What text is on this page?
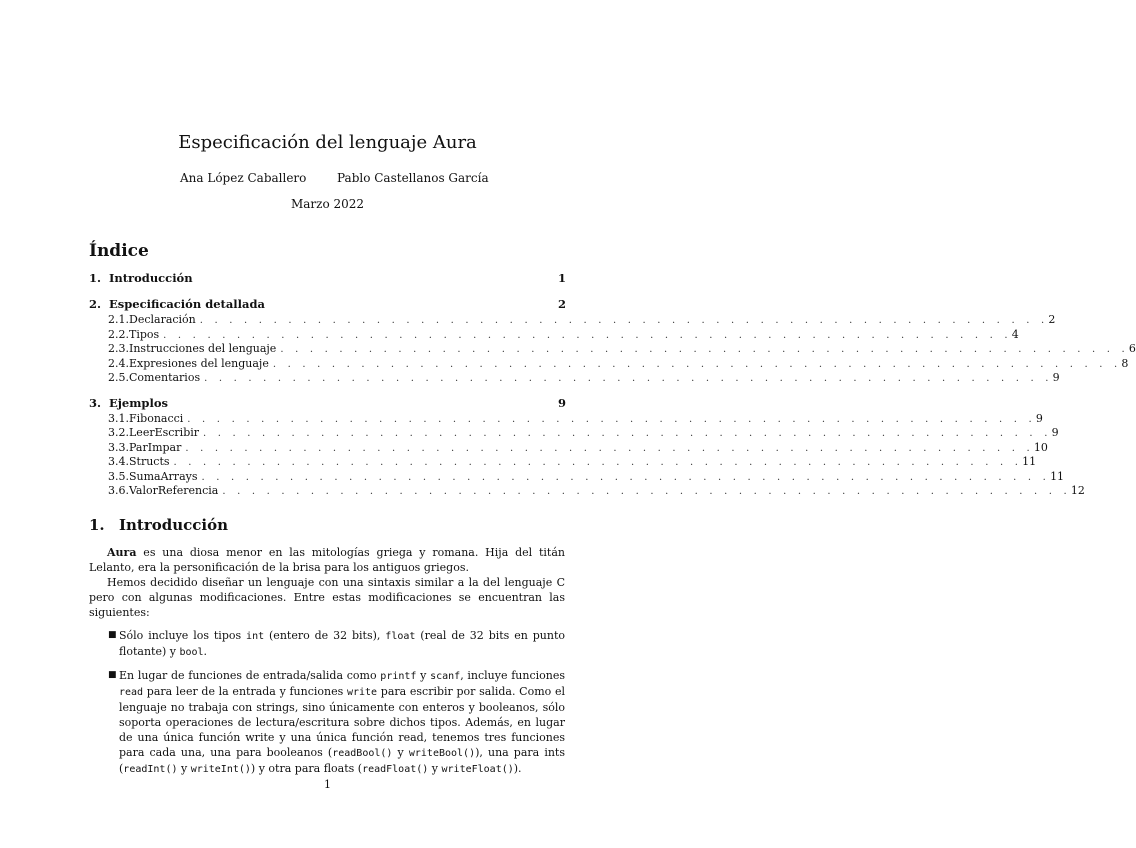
Especificación del lenguaje Aura
Ana López Caballero	Pablo Castellanos García
Marzo 2022
Índice
1. Introducción	1
2. Especificación detallada	2
2.1. Declaración . . . . . . . . . . . . . . . . . . . . . . . . . . . . . . . . . . . . . . . . . . . . . . . . . . . . . . . . . . 2
2.2. Tipos . . . . . . . . . . . . . . . . . . . . . . . . . . . . . . . . . . . . . . . . . . . . . . . . . . . . . . . . . . 4
2.3. Instrucciones del lenguaje . . . . . . . . . . . . . . . . . . . . . . . . . . . . . . . . . . . . . . . . . . . . . . . . . . . . . . . . . . 6
2.4. Expresiones del lenguaje . . . . . . . . . . . . . . . . . . . . . . . . . . . . . . . . . . . . . . . . . . . . . . . . . . . . . . . . . . 8
2.5. Comentarios . . . . . . . . . . . . . . . . . . . . . . . . . . . . . . . . . . . . . . . . . . . . . . . . . . . . . . . . . . 9
3. Ejemplos	9
3.1. Fibonacci . . . . . . . . . . . . . . . . . . . . . . . . . . . . . . . . . . . . . . . . . . . . . . . . . . . . . . . . . . 9
3.2. LeerEscribir . . . . . . . . . . . . . . . . . . . . . . . . . . . . . . . . . . . . . . . . . . . . . . . . . . . . . . . . . . 9
3.3. ParImpar . . . . . . . . . . . . . . . . . . . . . . . . . . . . . . . . . . . . . . . . . . . . . . . . . . . . . . . . . . 10
3.4. Structs . . . . . . . . . . . . . . . . . . . . . . . . . . . . . . . . . . . . . . . . . . . . . . . . . . . . . . . . . . 11
3.5. SumaArrays . . . . . . . . . . . . . . . . . . . . . . . . . . . . . . . . . . . . . . . . . . . . . . . . . . . . . . . . . . 11
3.6. ValorReferencia . . . . . . . . . . . . . . . . . . . . . . . . . . . . . . . . . . . . . . . . . . . . . . . . . . . . . . . . . . 12
1. Introducción

Aura es una diosa menor en las mitologías griega y romana. Hija del titán Lelanto, era la personificación de la brisa para los antiguos griegos.

Hemos decidido diseñar un lenguaje con una sintaxis similar a la del lenguaje C pero con algunas modificaciones. Entre estas modificaciones se encuentran las siguientes:

■ Sólo incluye los tipos int (entero de 32 bits), float (real de 32 bits en punto flotante) y bool.
■ En lugar de funciones de entrada/salida como printf y scanf, incluye funciones read para leer de la entrada y funciones write para escribir por salida. Como el lenguaje no trabaja con strings, sino únicamente con enteros y booleanos, sólo soporta operaciones de lectura/escritura sobre dichos tipos. Además, en lugar de una única función write y una única función read, tenemos tres funciones para cada una, una para booleanos (readBool() y writeBool()), una para ints (readInt() y writeInt()) y otra para floats (readFloat() y writeFloat()).
1
